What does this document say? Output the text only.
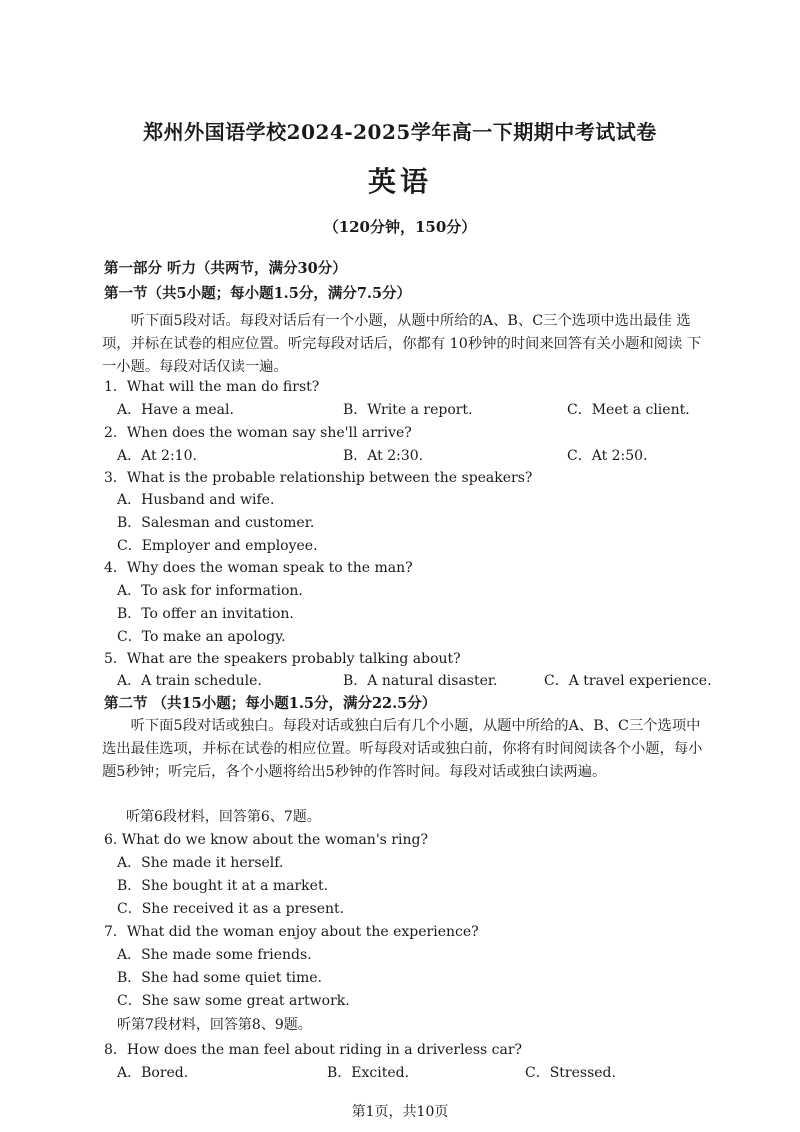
郑州外国语学校2024-2025学年高一下期期中考试试卷
英语
（120分钟，150分）
第一部分 听力（共两节，满分30分）
第一节（共5小题；每小题1.5分，满分7.5分）
听下面5段对话。每段对话后有一个小题，从题中所给的A、B、C三个选项中选出最佳 选项，并标在试卷的相应位置。听完每段对话后，你都有 10秒钟的时间来回答有关小题和阅读 下一小题。每段对话仅读一遍。
1．What will the man do first?
A．Have a meal.	B．Write a report.	C．Meet a client.
2．When does the woman say she'll arrive?
A．At 2:10.	B．At 2:30.	C．At 2:50.
3．What is the probable relationship between the speakers?
A．Husband and wife.
B．Salesman and customer.
C．Employer and employee.
4．Why does the woman speak to the man?
A．To ask for information.
B．To offer an invitation.
C．To make an apology.
5．What are the speakers probably talking about?
A．A train schedule.	B．A natural disaster.	C．A travel experience.
第二节 （共15小题；每小题1.5分，满分22.5分）
听下面5段对话或独白。每段对话或独白后有几个小题，从题中所给的A、B、C三个选项中选出最佳选项，并标在试卷的相应位置。听每段对话或独白前，你将有时间阅读各个小题，每小题5秒钟；听完后，各个小题将给出5秒钟的作答时间。每段对话或独白读两遍。
听第6段材料，回答第6、7题。
6. What do we know about the woman's ring?
A．She made it herself.
B．She bought it at a market.
C．She received it as a present.
7．What did the woman enjoy about the experience?
A．She made some friends.
B．She had some quiet time.
C．She saw some great artwork.
听第7段材料，回答第8、9题。
8．How does the man feel about riding in a driverless car?
A．Bored.	B．Excited.	C．Stressed.
第1页，共10页
